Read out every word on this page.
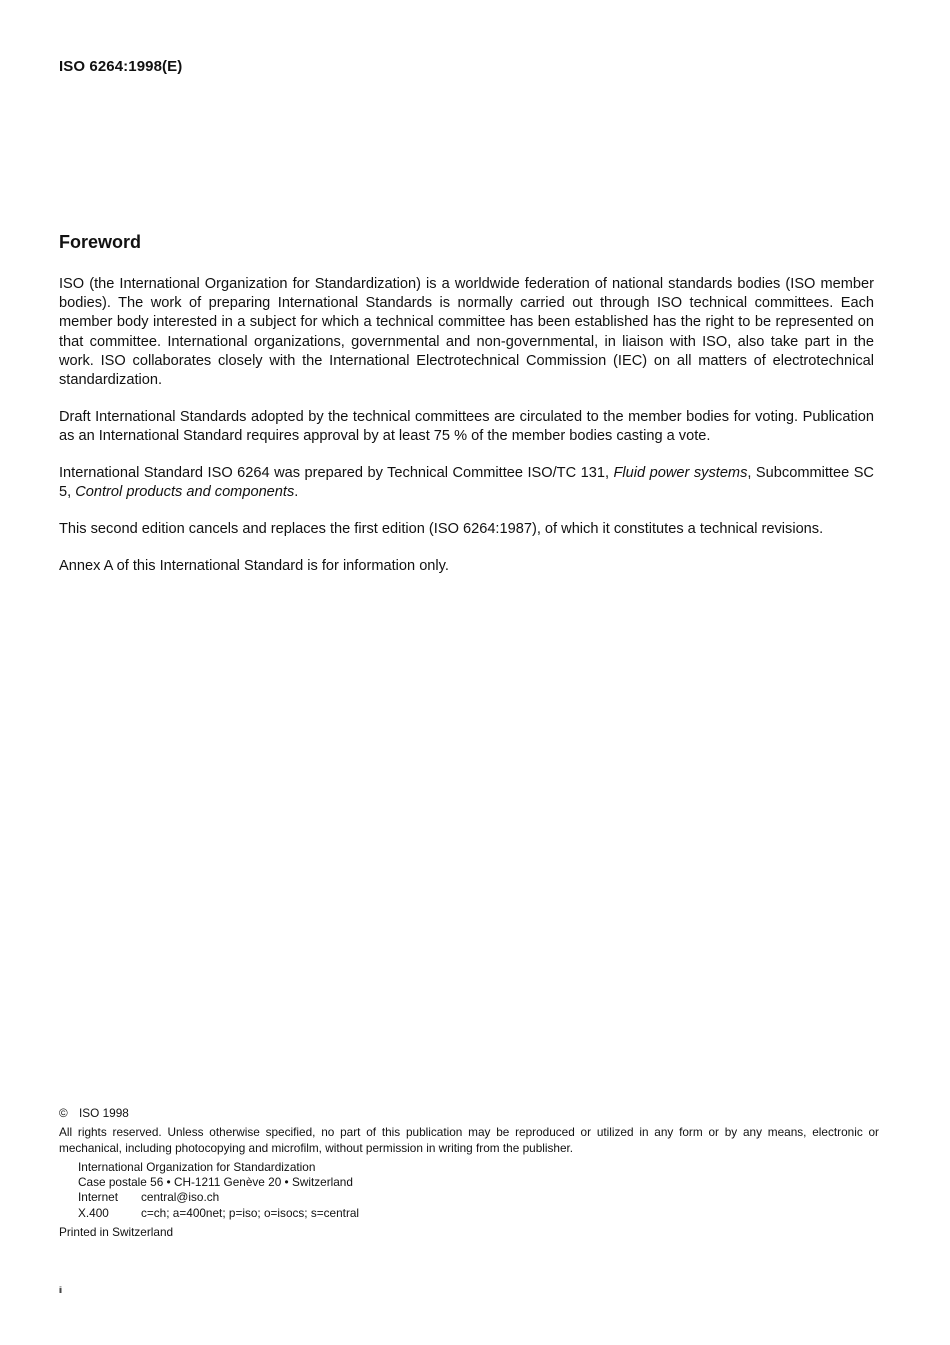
ISO 6264:1998(E)
Foreword

ISO (the International Organization for Standardization) is a worldwide federation of national standards bodies (ISO member bodies). The work of preparing International Standards is normally carried out through ISO technical committees. Each member body interested in a subject for which a technical committee has been established has the right to be represented on that committee. International organizations, governmental and non-governmental, in liaison with ISO, also take part in the work. ISO collaborates closely with the International Electrotechnical Commission (IEC) on all matters of electrotechnical standardization.

Draft International Standards adopted by the technical committees are circulated to the member bodies for voting. Publication as an International Standard requires approval by at least 75 % of the member bodies casting a vote.

International Standard ISO 6264 was prepared by Technical Committee ISO/TC 131, Fluid power systems, Subcommittee SC 5, Control products and components.

This second edition cancels and replaces the first edition (ISO 6264:1987), of which it constitutes a technical revisions.

Annex A of this International Standard is for information only.

© ISO 1998
All rights reserved. Unless otherwise specified, no part of this publication may be reproduced or utilized in any form or by any means, electronic or mechanical, including photocopying and microfilm, without permission in writing from the publisher.
International Organization for Standardization
Case postale 56 • CH-1211 Genève 20 • Switzerland
Internet central@iso.ch
X.400	c=ch; a=400net; p=iso; o=isocs; s=central
Printed in Switzerland
ii
